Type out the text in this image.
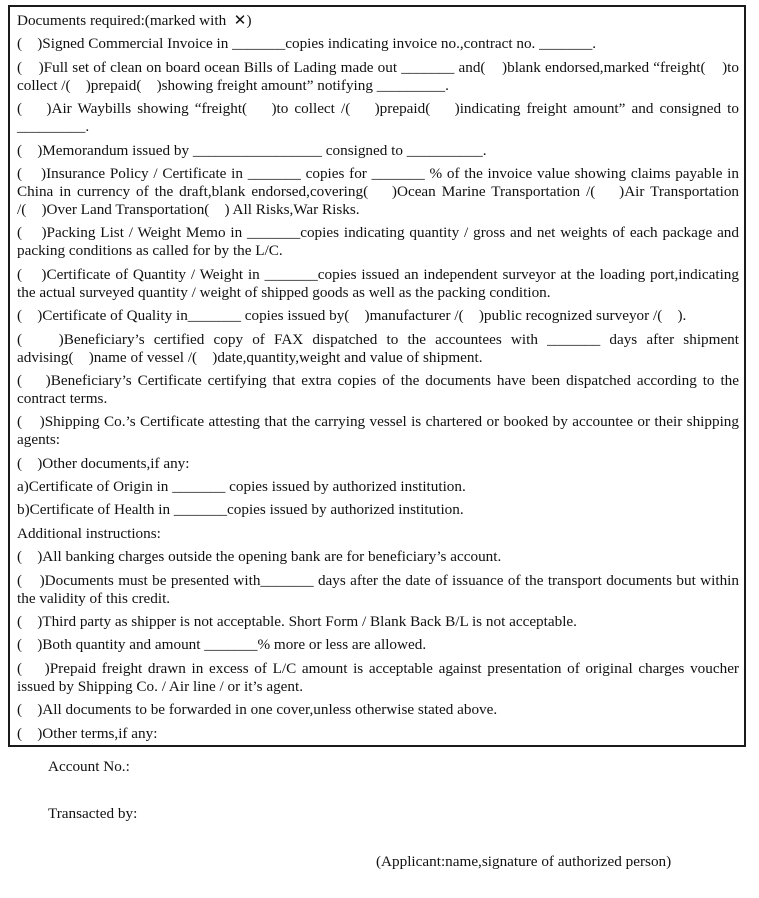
Documents required:(marked with  ✕)
(    )Signed Commercial Invoice in _______copies indicating invoice no.,contract no. _______.
(    )Full set of clean on board ocean Bills of Lading made out _______ and(    )blank endorsed,marked “freight(    )to collect /(    )prepaid(    )showing freight amount” notifying _________.
(    )Air Waybills showing “freight(    )to collect /(    )prepaid(    )indicating freight amount” and consigned to _________.
(    )Memorandum issued by _________________ consigned to __________.
(    )Insurance Policy / Certificate in _______ copies for _______ % of the invoice value showing claims payable in China in currency of the draft,blank endorsed,covering(    )Ocean Marine Transportation /(    )Air Transportation /(    )Over Land Transportation(    ) All Risks,War Risks.
(    )Packing List / Weight Memo in _______copies indicating quantity / gross and net weights of each package and packing conditions as called for by the L/C.
(    )Certificate of Quantity / Weight in _______copies issued an independent surveyor at the loading port,indicating the actual surveyed quantity / weight of shipped goods as well as the packing condition.
(    )Certificate of Quality in_______ copies issued by(    )manufacturer /(    )public recognized surveyor /(    ).
(    )Beneficiary’s certified copy of FAX dispatched to the accountees with _______ days after shipment advising(    )name of vessel /(    )date,quantity,weight and value of shipment.
(    )Beneficiary’s Certificate certifying that extra copies of the documents have been dispatched according to the contract terms.
(    )Shipping Co.’s Certificate attesting that the carrying vessel is chartered or booked by accountee or their shipping agents:
(    )Other documents,if any:
a)Certificate of Origin in _______ copies issued by authorized institution.
b)Certificate of Health in _______copies issued by authorized institution.
Additional instructions:
(    )All banking charges outside the opening bank are for beneficiary’s account.
(    )Documents must be presented with_______ days after the date of issuance of the transport documents but within the validity of this credit.
(    )Third party as shipper is not acceptable. Short Form / Blank Back B/L is not acceptable.
(    )Both quantity and amount _______% more or less are allowed.
(    )Prepaid freight drawn in excess of L/C amount is acceptable against presentation of original charges voucher issued by Shipping Co. / Air line / or it’s agent.
(    )All documents to be forwarded in one cover,unless otherwise stated above.
(    )Other terms,if any:
Account No.:
Transacted by:
(Applicant:name,signature of authorized person)
